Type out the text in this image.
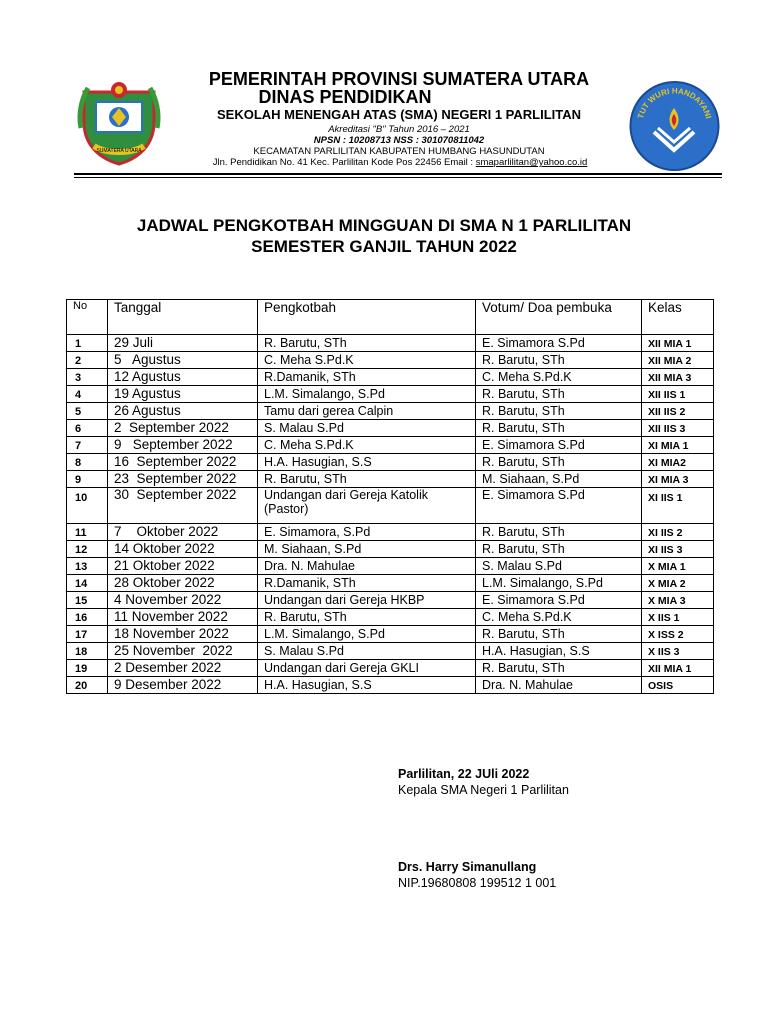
SUMATERA UTARA
TUT WURI HANDAYANI
PEMERINTAH PROVINSI SUMATERA UTARA
DINAS PENDIDIKAN
SEKOLAH MENENGAH ATAS (SMA) NEGERI 1 PARLILITAN
Akreditasi "B" Tahun 2016 – 2021
NPSN : 10208713 NSS : 301070811042
KECAMATAN PARLILITAN KABUPATEN HUMBANG HASUNDUTAN
Jln. Pendidikan No. 41 Kec. Parlilitan Kode Pos 22456 Email : smaparlilitan@yahoo.co.id
JADWAL PENGKOTBAH MINGGUAN DI SMA N 1 PARLILITAN
SEMESTER GANJIL TAHUN 2022
No	Tanggal	Pengkotbah	Votum/ Doa pembuka	Kelas
1	29 Juli	R. Barutu, STh	E. Simamora S.Pd	XII MIA 1
2	5   Agustus	C. Meha S.Pd.K	R. Barutu, STh	XII MIA 2
3	12 Agustus	R.Damanik, STh	C. Meha S.Pd.K	XII MIA 3
4	19 Agustus	L.M. Simalango, S.Pd	R. Barutu, STh	XII IIS 1
5	26 Agustus	Tamu dari gerea Calpin	R. Barutu, STh	XII IIS 2
6	2  September 2022	S. Malau S.Pd	R. Barutu, STh	XII IIS 3
7	9   September 2022	C. Meha S.Pd.K	E. Simamora S.Pd	XI MIA 1
8	16  September 2022	H.A. Hasugian, S.S	R. Barutu, STh	XI MIA2
9	23  September 2022	R. Barutu, STh	M. Siahaan, S.Pd	XI MIA 3
10	30  September 2022	Undangan dari Gereja Katolik (Pastor)	E. Simamora S.Pd	XI IIS 1
11	7    Oktober 2022	E. Simamora, S.Pd	R. Barutu, STh	XI IIS 2
12	14 Oktober 2022	M. Siahaan, S.Pd	R. Barutu, STh	XI IIS 3
13	21 Oktober 2022	Dra. N. Mahulae	S. Malau S.Pd	X MIA 1
14	28 Oktober 2022	R.Damanik, STh	L.M. Simalango, S.Pd	X MIA 2
15	4 November 2022	Undangan dari Gereja HKBP	E. Simamora S.Pd	X MIA 3
16	11 November 2022	R. Barutu, STh	C. Meha S.Pd.K	X IIS 1
17	18 November 2022	L.M. Simalango, S.Pd	R. Barutu, STh	X ISS 2
18	25 November  2022	S. Malau S.Pd	H.A. Hasugian, S.S	X IIS 3
19	2 Desember 2022	Undangan dari Gereja GKLI	R. Barutu, STh	XII MIA 1
20	9 Desember 2022	H.A. Hasugian, S.S	Dra. N. Mahulae	OSIS
Parlilitan, 22 JUli 2022
Kepala SMA Negeri 1 Parlilitan
Drs. Harry Simanullang
NIP.19680808 199512 1 001
